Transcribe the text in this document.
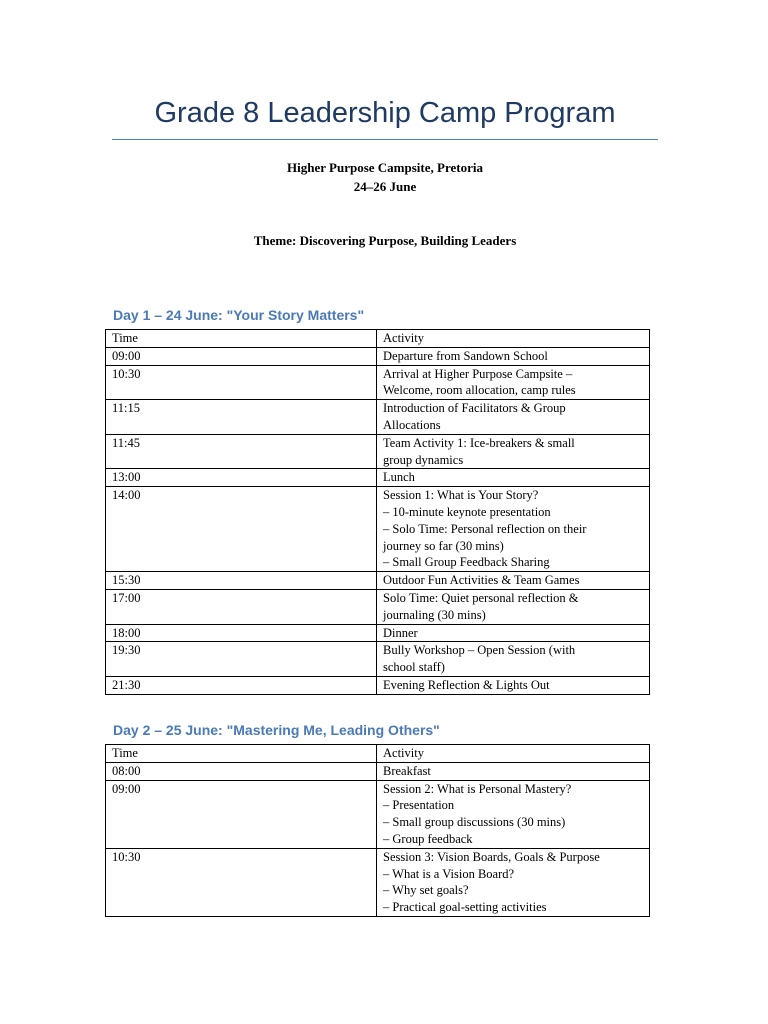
Grade 8 Leadership Camp Program
Higher Purpose Campsite, Pretoria
24–26 June
Theme: Discovering Purpose, Building Leaders
Day 1 – 24 June: "Your Story Matters"
Time	Activity
09:00	Departure from Sandown School

10:30	Arrival at Higher Purpose Campsite –
Welcome, room allocation, camp rules

11:15	Introduction of Facilitators & Group
Allocations

11:45	Team Activity 1: Ice-breakers & small
group dynamics

13:00	Lunch

14:00	Session 1: What is Your Story?
– 10-minute keynote presentation
– Solo Time: Personal reflection on their
journey so far (30 mins)
– Small Group Feedback Sharing

15:30	Outdoor Fun Activities & Team Games

17:00	Solo Time: Quiet personal reflection &
journaling (30 mins)

18:00	Dinner

19:30	Bully Workshop – Open Session (with
school staff)

21:30	Evening Reflection & Lights Out
Day 2 – 25 June: "Mastering Me, Leading Others"
Time	Activity
08:00	Breakfast

09:00	Session 2: What is Personal Mastery?
– Presentation
– Small group discussions (30 mins)
– Group feedback

10:30	Session 3: Vision Boards, Goals & Purpose
– What is a Vision Board?
– Why set goals?
– Practical goal-setting activities
